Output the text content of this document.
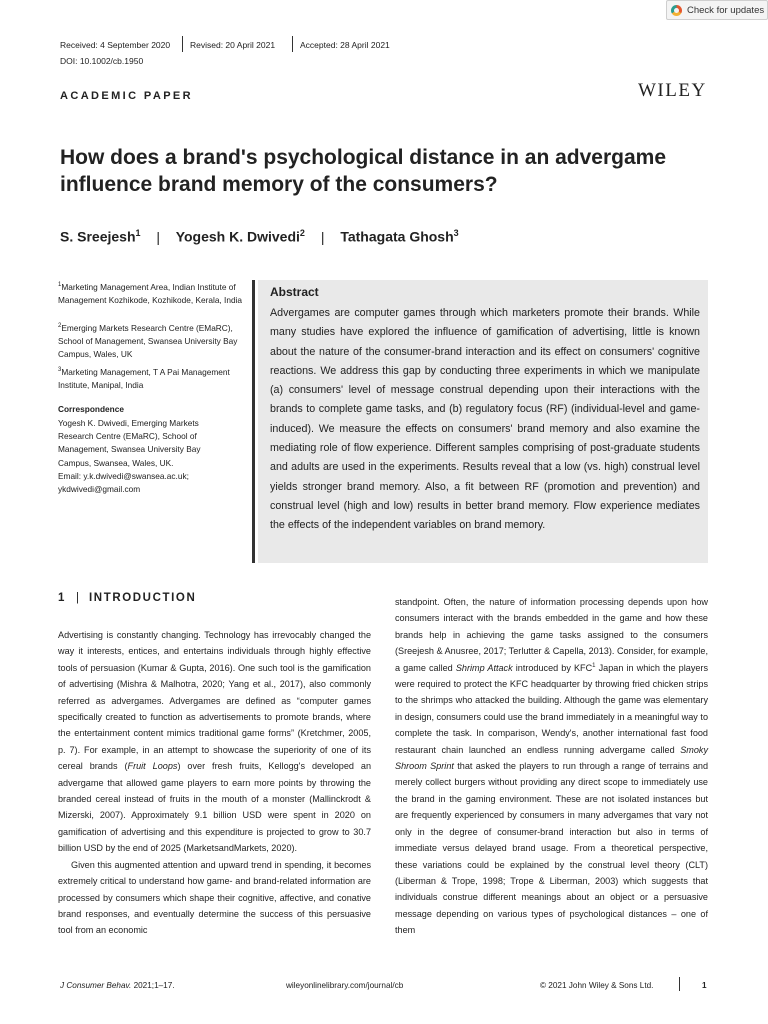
Check for updates
Received: 4 September 2020 Revised: 20 April 2021	Accepted: 28 April 2021
DOI: 10.1002/cb.1950
ACADEMIC PAPER	WILEY
How does a brand's psychological distance in an advergame influence brand memory of the consumers?
S. Sreejesh$^1$ | Yogesh K. Dwivedi$^2$ | Tathagata Ghosh$^3$
$^1$Marketing Management Area, Indian Institute of Management Kozhikode, Kozhikode, Kerala, India
$^2$Emerging Markets Research Centre (EMaRC), School of Management, Swansea University Bay Campus, Wales, UK
$^3$Marketing Management, T A Pai Management Institute, Manipal, India
Correspondence
Yogesh K. Dwivedi, Emerging Markets
Research Centre (EMaRC), School of
Management, Swansea University Bay
Campus, Swansea, Wales, UK.
Email: y.k.dwivedi@swansea.ac.uk;
ykdwivedi@gmail.com
Abstract
Advergames are computer games through which marketers promote their brands. While many studies have explored the influence of gamification of advertising, little is known about the nature of the consumer-brand interaction and its effect on consumers' cognitive reactions. We address this gap by conducting three experiments in which we manipulate (a) consumers' level of message construal depending upon their interactions with the brands to complete game tasks, and (b) regulatory focus (RF) (individual-level and game-induced). We measure the effects on consumers' brand memory and also examine the mediating role of flow experience. Different samples comprising of post-graduate students and adults are used in the experiments. Results reveal that a low (vs. high) construal level yields stronger brand memory. Also, a fit between RF (promotion and prevention) and construal level (high and low) results in better brand memory. Flow experience mediates the effects of the independent variables on brand memory.
1 | INTRODUCTION

Advertising is constantly changing. Technology has irrevocably changed the way it interests, entices, and entertains individuals through highly effective tools of persuasion (Kumar & Gupta, 2016). One such tool is the gamification of advertising (Mishra & Malhotra, 2020; Yang et al., 2017), also commonly referred as advergames. Advergames are defined as “computer games specifically created to function as advertisements to promote brands, where the entertainment content mimics traditional game forms” (Kretchmer, 2005, p. 7). For example, in an attempt to showcase the superiority of one of its cereal brands (Fruit Loops) over fresh fruits, Kellogg's developed an advergame that allowed game players to earn more points by throwing the branded cereal instead of fruits in the mouth of a monster (Mallinckrodt & Mizerski, 2007). Approximately 9.1 billion USD were spent in 2020 on gamification of advertising and this expenditure is projected to grow to 30.7 billion USD by the end of 2025 (MarketsandMarkets, 2020).

Given this augmented attention and upward trend in spending, it becomes extremely critical to understand how game- and brand-related information are processed by consumers which shape their cognitive, affective, and conative brand responses, and eventually determine the success of this persuasive tool from an economic

standpoint. Often, the nature of information processing depends upon how consumers interact with the brands embedded in the game and how these brands help in achieving the game tasks assigned to the consumers (Sreejesh & Anusree, 2017; Terlutter & Capella, 2013). Consider, for example, a game called Shrimp Attack introduced by KFC$^1$ Japan in which the players were required to protect the KFC headquarter by throwing fried chicken strips to the shrimps who attacked the building. Although the game was elementary in design, consumers could use the brand immediately in a meaningful way to complete the task. In comparison, Wendy's, another international fast food restaurant chain launched an endless running advergame called Smoky Shroom Sprint that asked the players to run through a range of terrains and merely collect burgers without providing any direct scope to immediately use the brand in the gaming environment. These are not isolated instances but are frequently experienced by consumers in many advergames that vary not only in the degree of consumer-brand interaction but also in terms of immediate versus delayed brand usage. From a theoretical perspective, these variations could be explained by the construal level theory (CLT) (Liberman & Trope, 1998; Trope & Liberman, 2003) which suggests that individuals construe different meanings about an object or a persuasive message depending on various types of psychological distances – one of them

J Consumer Behav. 2021;1–17.	wileyonlinelibrary.com/journal/cb	© 2021 John Wiley & Sons Ltd.	1
